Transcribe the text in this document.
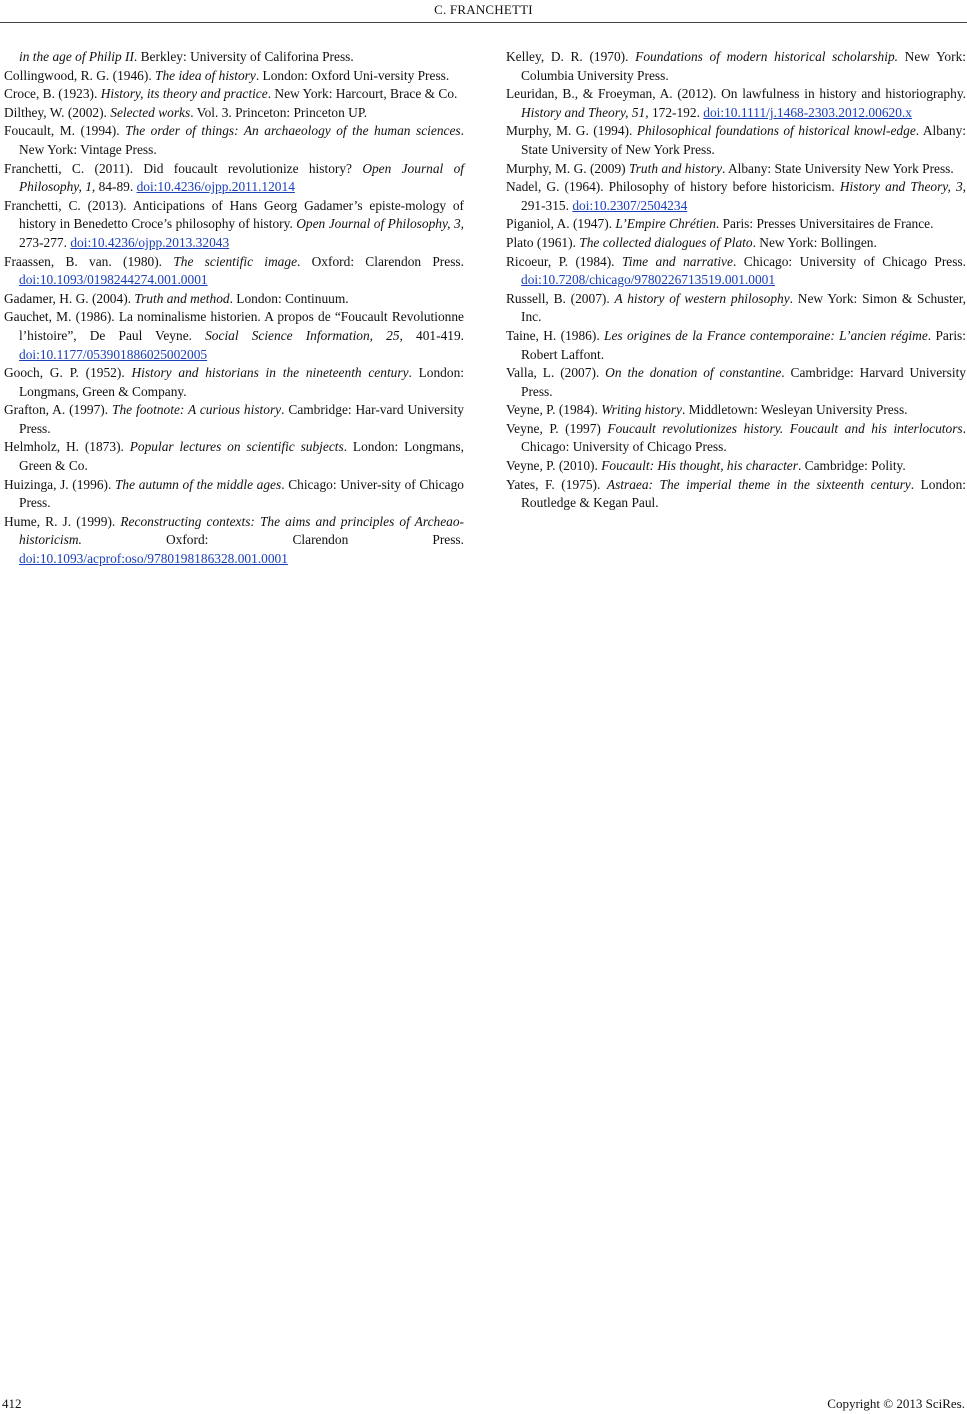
C. FRANCHETTI

in the age of Philip II. Berkley: University of Califorina Press.

Collingwood, R. G. (1946). The idea of history. London: Oxford Uni-versity Press.

Croce, B. (1923). History, its theory and practice. New York: Harcourt, Brace & Co.

Dilthey, W. (2002). Selected works. Vol. 3. Princeton: Princeton UP.

Foucault, M. (1994). The order of things: An archaeology of the human sciences. New York: Vintage Press.

Franchetti, C. (2011). Did foucault revolutionize history? Open Journal of Philosophy, 1, 84-89. doi:10.4236/ojpp.2011.12014

Franchetti, C. (2013). Anticipations of Hans Georg Gadamer’s episte-mology of history in Benedetto Croce’s philosophy of history. Open Journal of Philosophy, 3, 273-277. doi:10.4236/ojpp.2013.32043

Fraassen, B. van. (1980). The scientific image. Oxford: Clarendon Press. doi:10.1093/0198244274.001.0001

Gadamer, H. G. (2004). Truth and method. London: Continuum.

Gauchet, M. (1986). La nominalisme historien. A propos de “Foucault Revolutionne l’histoire”, De Paul Veyne. Social Science Information, 25, 401-419. doi:10.1177/053901886025002005

Gooch, G. P. (1952). History and historians in the nineteenth century. London: Longmans, Green & Company.

Grafton, A. (1997). The footnote: A curious history. Cambridge: Har-vard University Press.

Helmholz, H. (1873). Popular lectures on scientific subjects. London: Longmans, Green & Co.

Huizinga, J. (1996). The autumn of the middle ages. Chicago: Univer-sity of Chicago Press.

Hume, R. J. (1999). Reconstructing contexts: The aims and principles of Archeao-historicism. Oxford: Clarendon Press. doi:10.1093/acprof:oso/9780198186328.001.0001

Kelley, D. R. (1970). Foundations of modern historical scholarship. New York: Columbia University Press.

Leuridan, B., & Froeyman, A. (2012). On lawfulness in history and historiography. History and Theory, 51, 172-192. doi:10.1111/j.1468-2303.2012.00620.x

Murphy, M. G. (1994). Philosophical foundations of historical knowl-edge. Albany: State University of New York Press.

Murphy, M. G. (2009) Truth and history. Albany: State University New York Press.

Nadel, G. (1964). Philosophy of history before historicism. History and Theory, 3, 291-315. doi:10.2307/2504234

Piganiol, A. (1947). L’Empire Chrétien. Paris: Presses Universitaires de France.

Plato (1961). The collected dialogues of Plato. New York: Bollingen.

Ricoeur, P. (1984). Time and narrative. Chicago: University of Chicago Press. doi:10.7208/chicago/9780226713519.001.0001

Russell, B. (2007). A history of western philosophy. New York: Simon & Schuster, Inc.

Taine, H. (1986). Les origines de la France contemporaine: L’ancien régime. Paris: Robert Laffont.

Valla, L. (2007). On the donation of constantine. Cambridge: Harvard University Press.

Veyne, P. (1984). Writing history. Middletown: Wesleyan University Press.

Veyne, P. (1997) Foucault revolutionizes history. Foucault and his interlocutors. Chicago: University of Chicago Press.

Veyne, P. (2010). Foucault: His thought, his character. Cambridge: Polity.

Yates, F. (1975). Astraea: The imperial theme in the sixteenth century. London: Routledge & Kegan Paul.

412	Copyright © 2013 SciRes.
